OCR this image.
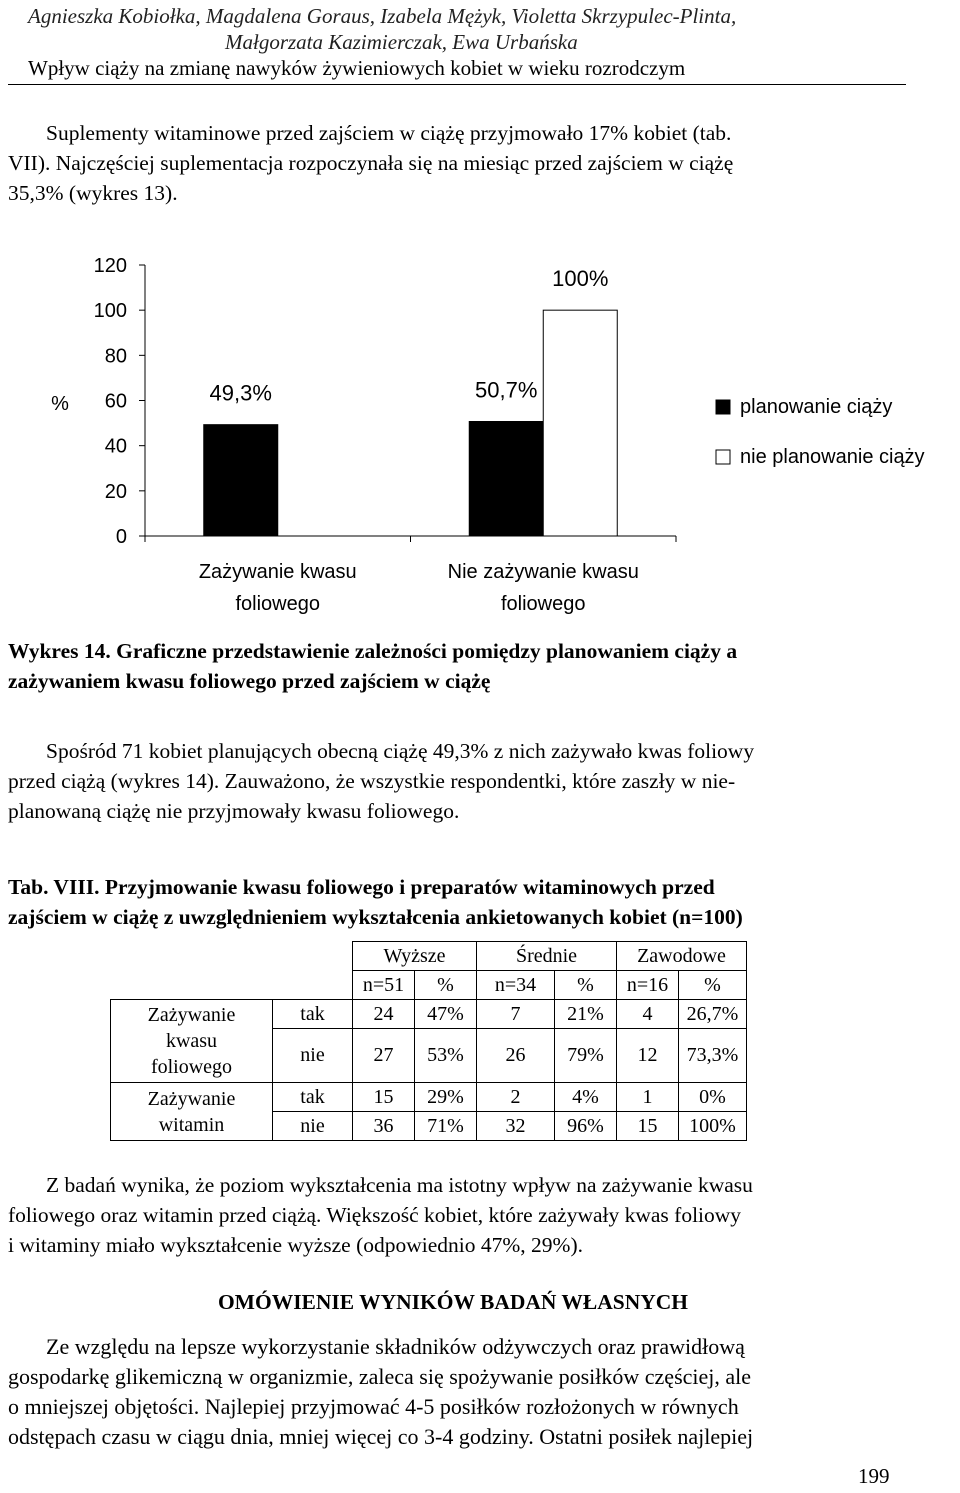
Agnieszka Kobiołka, Magdalena Goraus, Izabela Mężyk, Violetta Skrzypulec-Plinta,
Małgorzata Kazimierczak, Ewa Urbańska
Wpływ ciąży na zmianę nawyków żywieniowych kobiet w wieku rozrodczym
Suplementy witaminowe przed zajściem w ciążę przyjmowało 17% kobiet (tab.
VII). Najczęściej suplementacja rozpoczynała się na miesiąc przed zajściem w ciążę
35,3% (wykres 13).
0
20
40
60
80
100
120
%	49,3%
Zażywanie kwasu
foliowego
50,7%
100%
Nie zażywanie kwasu
foliowego
planowanie ciąży
nie planowanie ciąży
Wykres 14. Graficzne przedstawienie zależności pomiędzy planowaniem ciąży a
zażywaniem kwasu foliowego przed zajściem w ciążę
Spośród 71 kobiet planujących obecną ciążę 49,3% z nich zażywało kwas foliowy
przed ciążą (wykres 14). Zauważono, że wszystkie respondentki, które zaszły w nie-
planowaną ciążę nie przyjmowały kwasu foliowego.
Tab. VIII. Przyjmowanie kwasu foliowego i preparatów witaminowych przed
zajściem w ciążę z uwzględnieniem wykształcenia ankietowanych kobiet (n=100)
		Wyższe		Średnie		Zawodowe	
		n=51	%	n=34	%	n=16	%

Zażywanie
kwasu
foliowego	tak	24	47%	7	21%	4	26,7%
	nie	27	53%	26	79%	12	73,3%

Zażywanie
witamin	tak	15	29%	2	4%	1	0%
	nie	36	71%	32	96%	15	100%
Z badań wynika, że poziom wykształcenia ma istotny wpływ na zażywanie kwasu
foliowego oraz witamin przed ciążą. Większość kobiet, które zażywały kwas foliowy
i witaminy miało wykształcenie wyższe (odpowiednio 47%, 29%).
OMÓWIENIE WYNIKÓW BADAŃ WŁASNYCH
Ze względu na lepsze wykorzystanie składników odżywczych oraz prawidłową
gospodarkę glikemiczną w organizmie, zaleca się spożywanie posiłków częściej, ale
o mniejszej objętości. Najlepiej przyjmować 4-5 posiłków rozłożonych w równych
odstępach czasu w ciągu dnia, mniej więcej co 3-4 godziny. Ostatni posiłek najlepiej
199
